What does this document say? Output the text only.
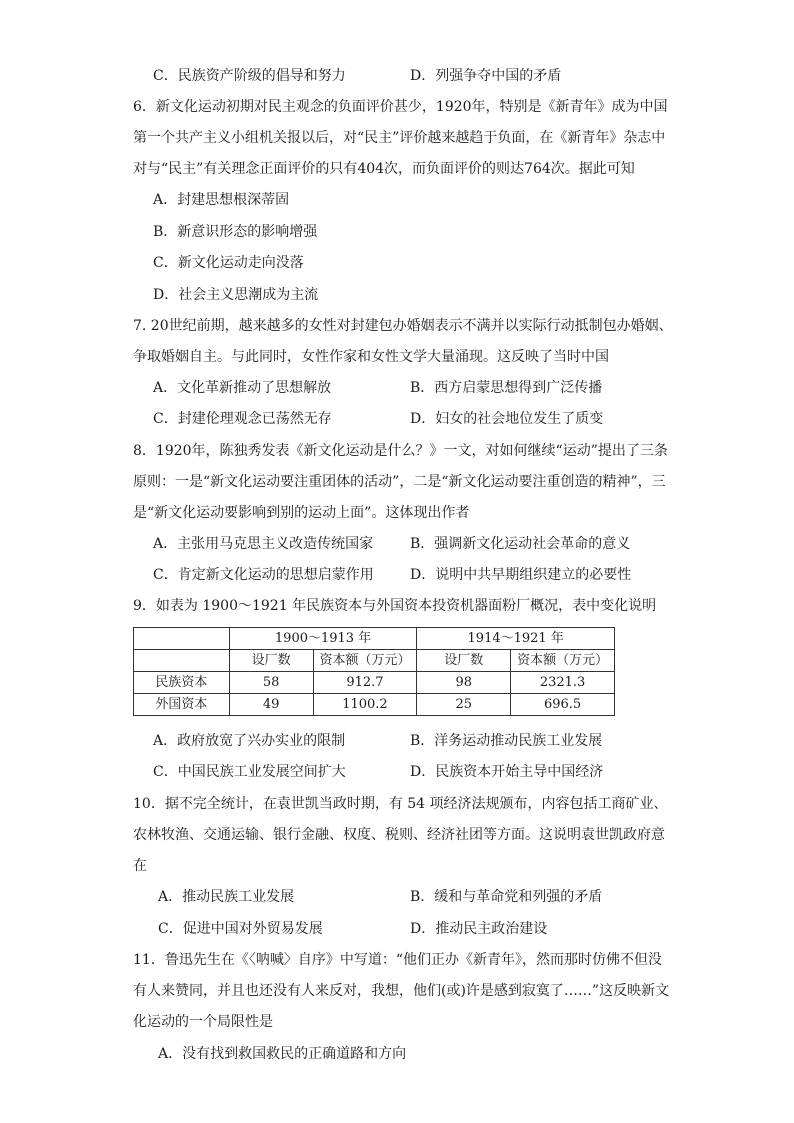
C．民族资产阶级的倡导和努力	D．列强争夺中国的矛盾
6．新文化运动初期对民主观念的负面评价甚少，1920年，特别是《新青年》成为中国
第一个共产主义小组机关报以后，对“民主”评价越来越趋于负面，在《新青年》杂志中
对与“民主”有关理念正面评价的只有404次，而负面评价的则达764次。据此可知
A．封建思想根深蒂固
B．新意识形态的影响增强
C．新文化运动走向没落
D．社会主义思潮成为主流
7. 20世纪前期，越来越多的女性对封建包办婚姻表示不满并以实际行动抵制包办婚姻、
争取婚姻自主。与此同时，女性作家和女性文学大量涌现。这反映了当时中国
A．文化革新推动了思想解放	B．西方启蒙思想得到广泛传播
C．封建伦理观念已荡然无存	D．妇女的社会地位发生了质变
8．1920年，陈独秀发表《新文化运动是什么？》一文，对如何继续“运动”提出了三条
原则：一是“新文化运动要注重团体的活动”，二是“新文化运动要注重创造的精神”，三
是“新文化运动要影响到别的运动上面”。这体现出作者
A．主张用马克思主义改造传统国家	B．强调新文化运动社会革命的意义
C．肯定新文化运动的思想启蒙作用	D．说明中共早期组织建立的必要性
9．如表为 1900～1921 年民族资本与外国资本投资机器面粉厂概况，表中变化说明
	1900～1913 年		1914～1921 年	
	设厂数	资本额（万元）	设厂数	资本额（万元）
民族资本	58	912.7	98	2321.3
外国资本	49	1100.2	25	696.5
A．政府放宽了兴办实业的限制	B．洋务运动推动民族工业发展
C．中国民族工业发展空间扩大	D．民族资本开始主导中国经济
10．据不完全统计，在袁世凯当政时期，有 54 项经济法规颁布，内容包括工商矿业、
农林牧渔、交通运输、银行金融、权度、税则、经济社团等方面。这说明袁世凯政府意
在
A．推动民族工业发展	B．缓和与革命党和列强的矛盾
C．促进中国对外贸易发展	D．推动民主政治建设
11．鲁迅先生在《〈呐喊〉自序》中写道：“他们正办《新青年》，然而那时仿佛不但没
有人来赞同，并且也还没有人来反对，我想，他们(或)许是感到寂寞了……”这反映新文
化运动的一个局限性是
A．没有找到救国救民的正确道路和方向
